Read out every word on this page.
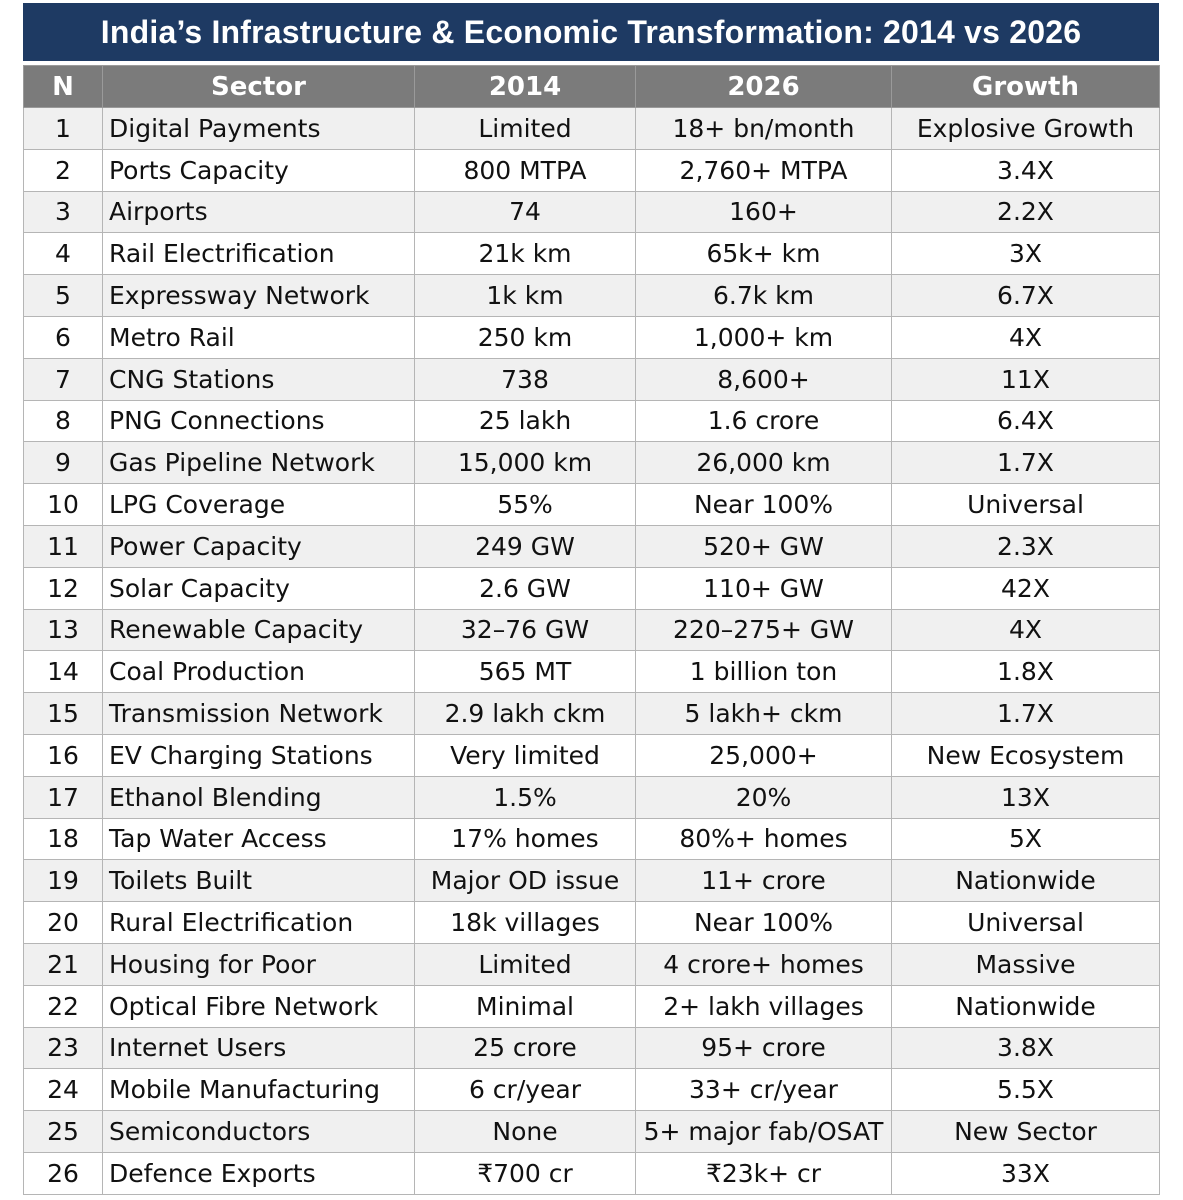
India’s Infrastructure & Economic Transformation: 2014 vs 2026
N	Sector	2014	2026	Growth
1	Digital Payments	Limited	18+ bn/month	Explosive Growth
2	Ports Capacity	800 MTPA	2,760+ MTPA	3.4X
3	Airports	74	160+	2.2X
4	Rail Electrification	21k km	65k+ km	3X
5	Expressway Network	1k km	6.7k km	6.7X
6	Metro Rail	250 km	1,000+ km	4X
7	CNG Stations	738	8,600+	11X
8	PNG Connections	25 lakh	1.6 crore	6.4X
9	Gas Pipeline Network	15,000 km	26,000 km	1.7X
10	LPG Coverage	55%	Near 100%	Universal
11	Power Capacity	249 GW	520+ GW	2.3X
12	Solar Capacity	2.6 GW	110+ GW	42X
13	Renewable Capacity	32–76 GW	220–275+ GW	4X
14	Coal Production	565 MT	1 billion ton	1.8X
15	Transmission Network	2.9 lakh ckm	5 lakh+ ckm	1.7X
16	EV Charging Stations	Very limited	25,000+	New Ecosystem
17	Ethanol Blending	1.5%	20%	13X
18	Tap Water Access	17% homes	80%+ homes	5X
19	Toilets Built	Major OD issue	11+ crore	Nationwide
20	Rural Electrification	18k villages	Near 100%	Universal
21	Housing for Poor	Limited	4 crore+ homes	Massive
22	Optical Fibre Network	Minimal	2+ lakh villages	Nationwide
23	Internet Users	25 crore	95+ crore	3.8X
24	Mobile Manufacturing	6 cr/year	33+ cr/year	5.5X
25	Semiconductors	None	5+ major fab/OSAT	New Sector
26	Defence Exports	₹700 cr	₹23k+ cr	33X
